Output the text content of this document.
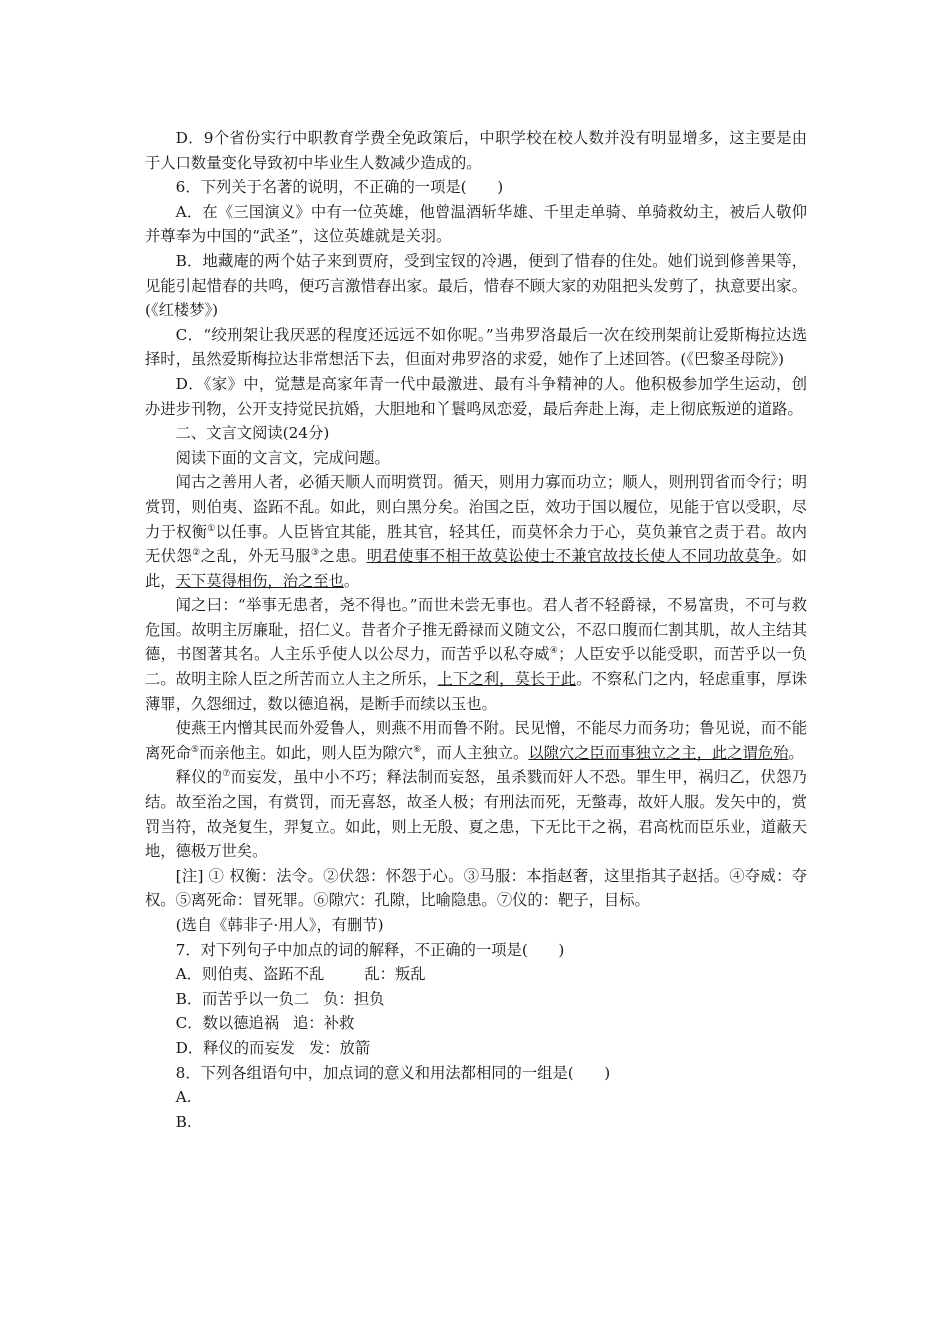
D．9个省份实行中职教育学费全免政策后，中职学校在校人数并没有明显增多，这主要是由于人口数量变化导致初中毕业生人数减少造成的。

6．下列关于名著的说明，不正确的一项是(　　)

A．在《三国演义》中有一位英雄，他曾温酒斩华雄、千里走单骑、单骑救幼主，被后人敬仰并尊奉为中国的“武圣”，这位英雄就是关羽。

B．地藏庵的两个姑子来到贾府，受到宝钗的冷遇，便到了惜春的住处。她们说到修善果等，见能引起惜春的共鸣，便巧言激惜春出家。最后，惜春不顾大家的劝阻把头发剪了，执意要出家。(《红楼梦》)

C．“绞刑架让我厌恶的程度还远远不如你呢。”当弗罗洛最后一次在绞刑架前让爱斯梅拉达选择时，虽然爱斯梅拉达非常想活下去，但面对弗罗洛的求爱，她作了上述回答。(《巴黎圣母院》)

D．《家》中，觉慧是高家年青一代中最激进、最有斗争精神的人。他积极参加学生运动，创办进步刊物，公开支持觉民抗婚，大胆地和丫鬟鸣凤恋爱，最后奔赴上海，走上彻底叛逆的道路。

二、文言文阅读(24分)

阅读下面的文言文，完成问题。

闻古之善用人者，必循天顺人而明赏罚。循天，则用力寡而功立；顺人，则刑罚省而令行；明赏罚，则伯夷、盗跖不乱。如此，则白黑分矣。治国之臣，效功于国以履位，见能于官以受职，尽力于权衡①以任事。人臣皆宜其能，胜其官，轻其任，而莫怀余力于心，莫负兼官之责于君。故内无伏怨②之乱，外无马服③之患。明君使事不相干故莫讼使士不兼官故技长使人不同功故莫争。如此，天下莫得相伤，治之至也。

闻之曰：“举事无患者，尧不得也。”而世未尝无事也。君人者不轻爵禄，不易富贵，不可与救危国。故明主厉廉耻，招仁义。昔者介子推无爵禄而义随文公，不忍口腹而仁割其肌，故人主结其德，书图著其名。人主乐乎使人以公尽力，而苦乎以私夺威④；人臣安乎以能受职，而苦乎以一负二。故明主除人臣之所苦而立人主之所乐，上下之利，莫长于此。不察私门之内，轻虑重事，厚诛薄罪，久怨细过，数以德追祸，是断手而续以玉也。

使燕王内憎其民而外爱鲁人，则燕不用而鲁不附。民见憎，不能尽力而务功；鲁见说，而不能离死命⑤而亲他主。如此，则人臣为隙穴⑥，而人主独立。以隙穴之臣而事独立之主，此之谓危殆。

释仪的⑦而妄发，虽中小不巧；释法制而妄怒，虽杀戮而奸人不恐。罪生甲，祸归乙，伏怨乃结。故至治之国，有赏罚，而无喜怒，故圣人极；有刑法而死，无螫毒，故奸人服。发矢中的，赏罚当符，故尧复生，羿复立。如此，则上无殷、夏之患，下无比干之祸，君高枕而臣乐业，道蔽天地，德极万世矣。

[注] ① 权衡：法令。②伏怨：怀怨于心。③马服：本指赵奢，这里指其子赵括。④夺威：夺权。⑤离死命：冒死罪。⑥隙穴：孔隙，比喻隐患。⑦仪的：靶子，目标。

(选自《韩非子·用人》，有删节)

7．对下列句子中加点的词的解释，不正确的一项是(　　)

A．则伯夷、盗跖不乱	乱：叛乱

B．而苦乎以一负二 负：担负

C．数以德追祸 追：补救

D．释仪的而妄发 发：放箭

8．下列各组语句中，加点词的意义和用法都相同的一组是(　　)

A.

B.
